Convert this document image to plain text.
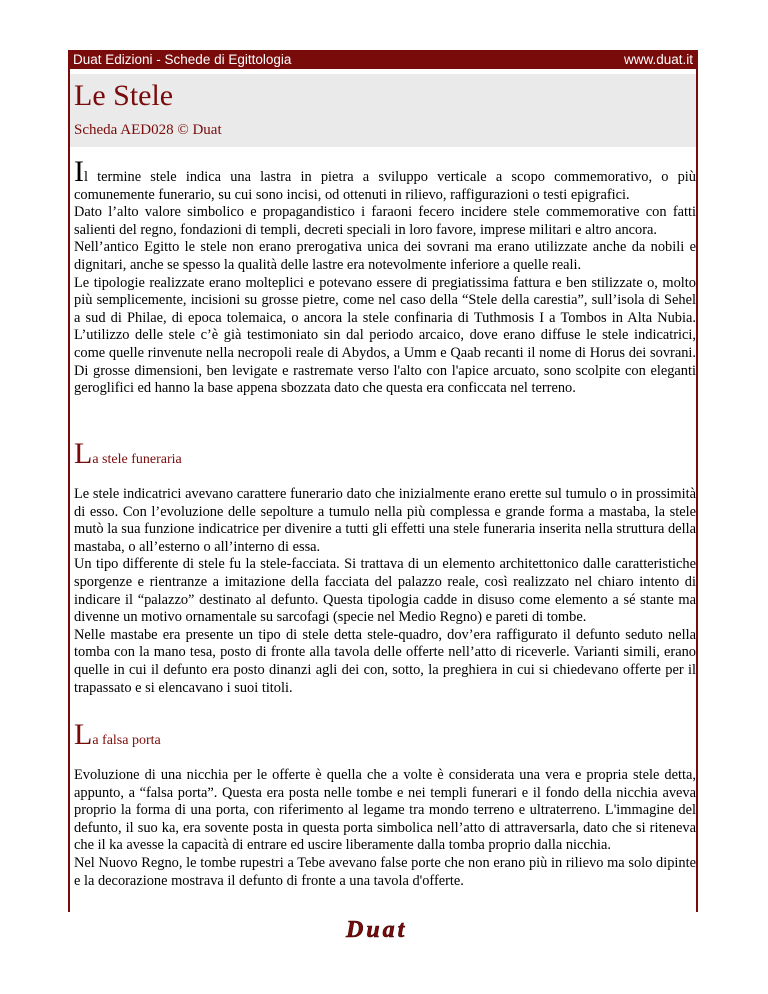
Duat Edizioni - Schede di Egittologia	www.duat.it
Le Stele
Scheda AED028 © Duat

Il termine stele indica una lastra in pietra a sviluppo verticale a scopo commemorativo, o più comunemente funerario, su cui sono incisi, od ottenuti in rilievo, raffigurazioni o testi epigrafici.

Dato l’alto valore simbolico e propagandistico i faraoni fecero incidere stele commemorative con fatti salienti del regno, fondazioni di templi, decreti speciali in loro favore, imprese militari e altro ancora.

Nell’antico Egitto le stele non erano prerogativa unica dei sovrani ma erano utilizzate anche da nobili e dignitari, anche se spesso la qualità delle lastre era notevolmente inferiore a quelle reali.

Le tipologie realizzate erano molteplici e potevano essere di pregiatissima fattura e ben stilizzate o, molto più semplicemente, incisioni su grosse pietre, come nel caso della “Stele della carestia”, sull’isola di Sehel a sud di Philae, di epoca tolemaica, o ancora la stele confinaria di Tuthmosis I a Tombos in Alta Nubia. L’utilizzo delle stele c’è già testimoniato sin dal periodo arcaico, dove erano diffuse le stele indicatrici, come quelle rinvenute nella necropoli reale di Abydos, a Umm e Qaab recanti il nome di Horus dei sovrani. Di grosse dimensioni, ben levigate e rastremate verso l'alto con l'apice arcuato, sono scolpite con eleganti geroglifici ed hanno la base appena sbozzata dato che questa era conficcata nel terreno.

La stele funeraria

Le stele indicatrici avevano carattere funerario dato che inizialmente erano erette sul tumulo o in prossimità di esso. Con l’evoluzione delle sepolture a tumulo nella più complessa e grande forma a mastaba, la stele mutò la sua funzione indicatrice per divenire a tutti gli effetti una stele funeraria inserita nella struttura della mastaba, o all’esterno o all’interno di essa.

Un tipo differente di stele fu la stele-facciata. Si trattava di un elemento architettonico dalle caratteristiche sporgenze e rientranze a imitazione della facciata del palazzo reale, così realizzato nel chiaro intento di indicare il “palazzo” destinato al defunto. Questa tipologia cadde in disuso come elemento a sé stante ma divenne un motivo ornamentale su sarcofagi (specie nel Medio Regno) e pareti di tombe.

Nelle mastabe era presente un tipo di stele detta stele-quadro, dov’era raffigurato il defunto seduto nella tomba con la mano tesa, posto di fronte alla tavola delle offerte nell’atto di riceverle. Varianti simili, erano quelle in cui il defunto era posto dinanzi agli dei con, sotto, la preghiera in cui si chiedevano offerte per il trapassato e si elencavano i suoi titoli.

La falsa porta

Evoluzione di una nicchia per le offerte è quella che a volte è considerata una vera e propria stele detta, appunto, a “falsa porta”. Questa era posta nelle tombe e nei templi funerari e il fondo della nicchia aveva proprio la forma di una porta, con riferimento al legame tra mondo terreno e ultraterreno. L'immagine del defunto, il suo ka, era sovente posta in questa porta simbolica nell’atto di attraversarla, dato che si riteneva che il ka avesse la capacità di entrare ed uscire liberamente dalla tomba proprio dalla nicchia.

Nel Nuovo Regno, le tombe rupestri a Tebe avevano false porte che non erano più in rilievo ma solo dipinte e la decorazione mostrava il defunto di fronte a una tavola d'offerte.

Duat
